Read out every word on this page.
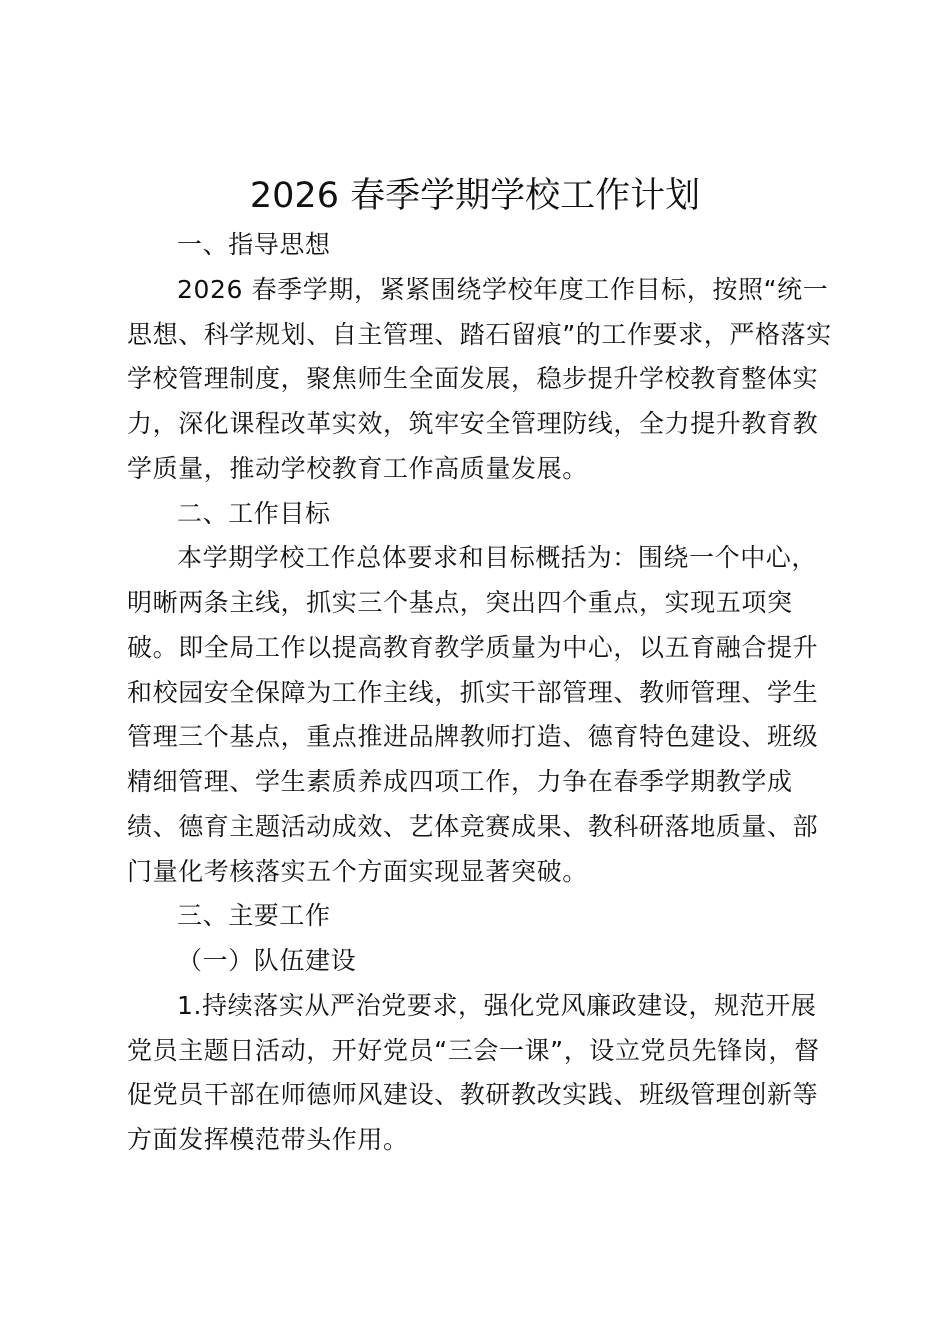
2026 春季学期学校工作计划

一、指导思想

2026 春季学期，紧紧围绕学校年度工作目标，按照“统一思想、科学规划、自主管理、踏石留痕”的工作要求，严格落实学校管理制度，聚焦师生全面发展，稳步提升学校教育整体实力，深化课程改革实效，筑牢安全管理防线，全力提升教育教学质量，推动学校教育工作高质量发展。

二、工作目标

本学期学校工作总体要求和目标概括为：围绕一个中心，明晰两条主线，抓实三个基点，突出四个重点，实现五项突破。即全局工作以提高教育教学质量为中心，以五育融合提升和校园安全保障为工作主线，抓实干部管理、教师管理、学生管理三个基点，重点推进品牌教师打造、德育特色建设、班级精细管理、学生素质养成四项工作，力争在春季学期教学成绩、德育主题活动成效、艺体竞赛成果、教科研落地质量、部门量化考核落实五个方面实现显著突破。

三、主要工作

（一）队伍建设

1.持续落实从严治党要求，强化党风廉政建设，规范开展党员主题日活动，开好党员“三会一课”，设立党员先锋岗，督促党员干部在师德师风建设、教研教改实践、班级管理创新等方面发挥模范带头作用。
